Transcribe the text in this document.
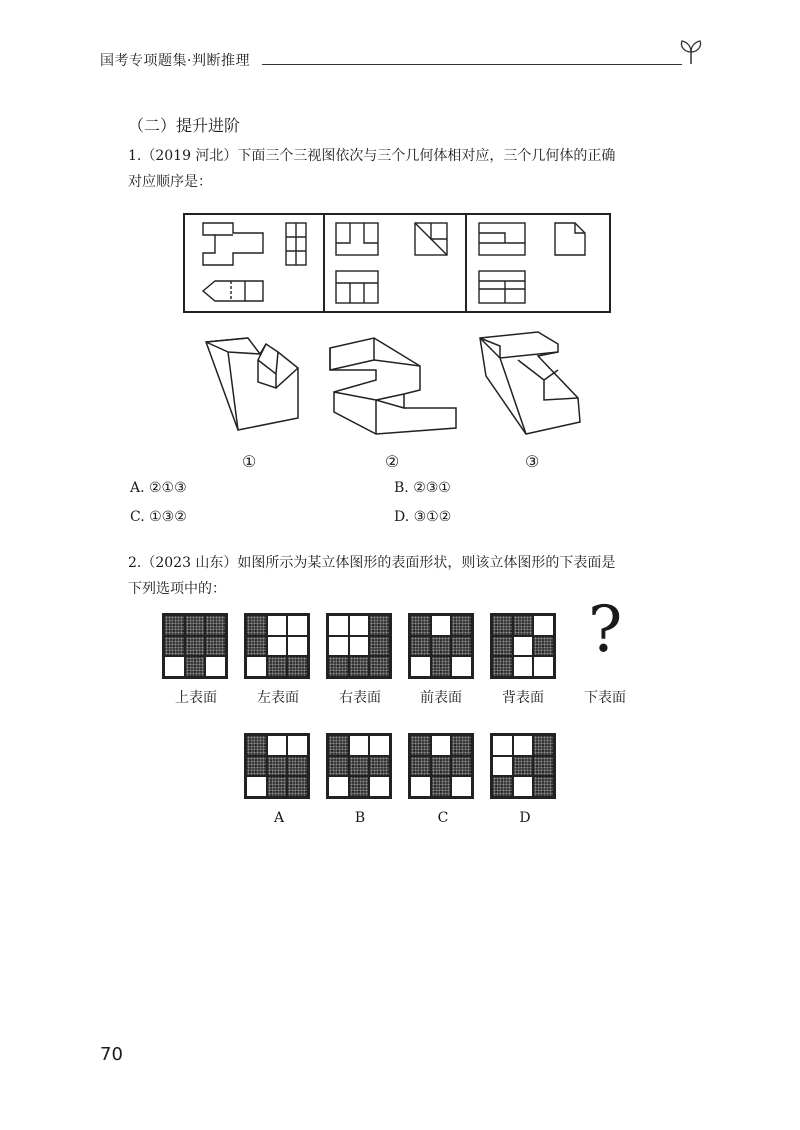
国考专项题集·判断推理
（二）提升进阶
1.（2019 河北）下面三个三视图依次与三个几何体相对应，三个几何体的正确
对应顺序是：
①	②	③
A. ②①③	B. ②③①
C. ①③②	D. ③①②
2.（2023 山东）如图所示为某立体图形的表面形状，则该立体图形的下表面是
下列选项中的：
?
上表面	左表面	右表面	前表面	背表面	下表面
A	B	C	D
70
